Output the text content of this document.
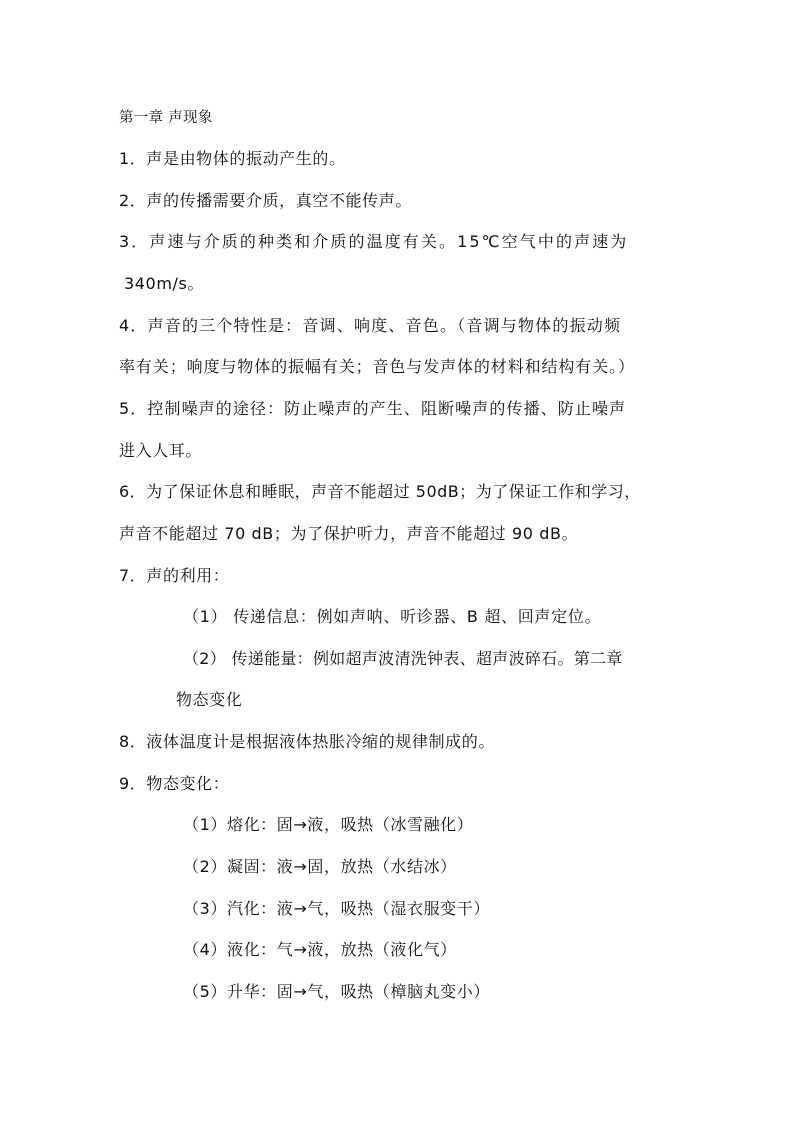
第一章 声现象
1．声是由物体的振动产生的。
2．声的传播需要介质，真空不能传声。
3．声速与介质的种类和介质的温度有关。15℃空气中的声速为
340m/s。
4．声音的三个特性是：音调、响度、音色。（音调与物体的振动频
率有关；响度与物体的振幅有关；音色与发声体的材料和结构有关。）
5．控制噪声的途径：防止噪声的产生、阻断噪声的传播、防止噪声
进入人耳。
6．为了保证休息和睡眠，声音不能超过 50dB；为了保证工作和学习，
声音不能超过 70 dB；为了保护听力，声音不能超过 90 dB。
7．声的利用：
（1） 传递信息：例如声呐、听诊器、B 超、回声定位。
（2） 传递能量：例如超声波清洗钟表、超声波碎石。第二章
物态变化
8．液体温度计是根据液体热胀冷缩的规律制成的。
9．物态变化：
（1）熔化：固→液，吸热（冰雪融化）
（2）凝固：液→固，放热（水结冰）
（3）汽化：液→气，吸热（湿衣服变干）
（4）液化：气→液，放热（液化气）
（5）升华：固→气，吸热（樟脑丸变小）
